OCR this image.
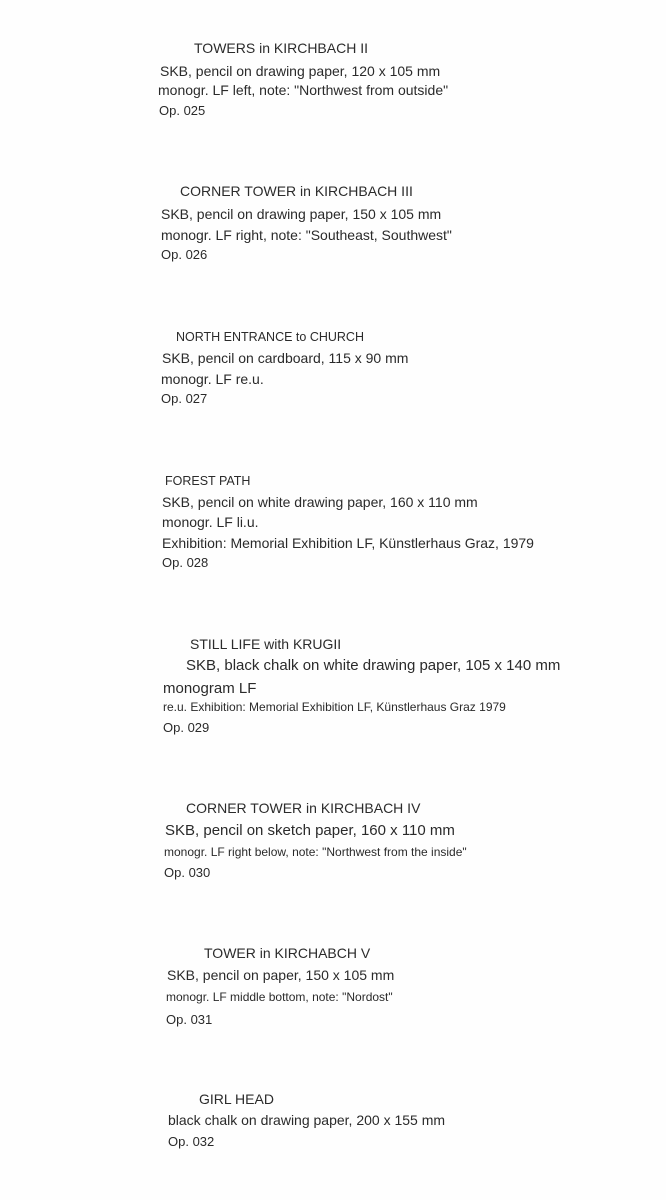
TOWERS in KIRCHBACH II
SKB, pencil on drawing paper, 120 x 105 mm
monogr. LF left, note: "Northwest from outside"
Op. 025
CORNER TOWER in KIRCHBACH III
SKB, pencil on drawing paper, 150 x 105 mm
monogr. LF right, note: "Southeast, Southwest"
Op. 026
NORTH ENTRANCE to CHURCH
SKB, pencil on cardboard, 115 x 90 mm
monogr. LF re.u.
Op. 027
FOREST PATH
SKB, pencil on white drawing paper, 160 x 110 mm
monogr. LF li.u.
Exhibition: Memorial Exhibition LF, Künstlerhaus Graz, 1979
Op. 028
STILL LIFE with KRUGII
SKB, black chalk on white drawing paper, 105 x 140 mm
monogram LF
re.u. Exhibition: Memorial Exhibition LF, Künstlerhaus Graz 1979
Op. 029
CORNER TOWER in KIRCHBACH IV
SKB, pencil on sketch paper, 160 x 110 mm
monogr. LF right below, note: "Northwest from the inside"
Op. 030
TOWER in KIRCHABCH V
SKB, pencil on paper, 150 x 105 mm
monogr. LF middle bottom, note: "Nordost"
Op. 031
GIRL HEAD
black chalk on drawing paper, 200 x 155 mm
Op. 032
